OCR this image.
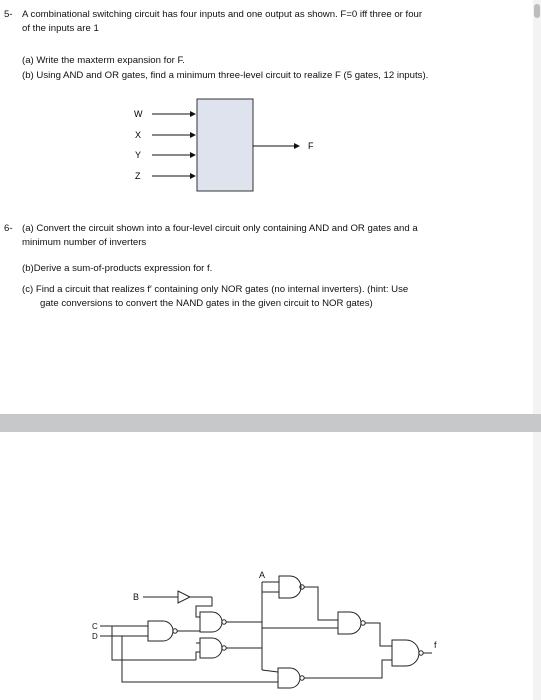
5- A combinational switching circuit has four inputs and one output as shown. F=0 iff three or four
of the inputs are 1
(a) Write the maxterm expansion for F.
(b) Using AND and OR gates, find a minimum three-level circuit to realize F (5 gates, 12 inputs).
W
X
Y
Z
F
6- (a) Convert the circuit shown into a four-level circuit only containing AND and OR gates and a
minimum number of inverters
(b)Derive a sum-of-products expression for f.
(c) Find a circuit that realizes f′ containing only NOR gates (no internal inverters). (hint: Use
gate conversions to convert the NAND gates in the given circuit to NOR gates)
B
A
C
D
f
